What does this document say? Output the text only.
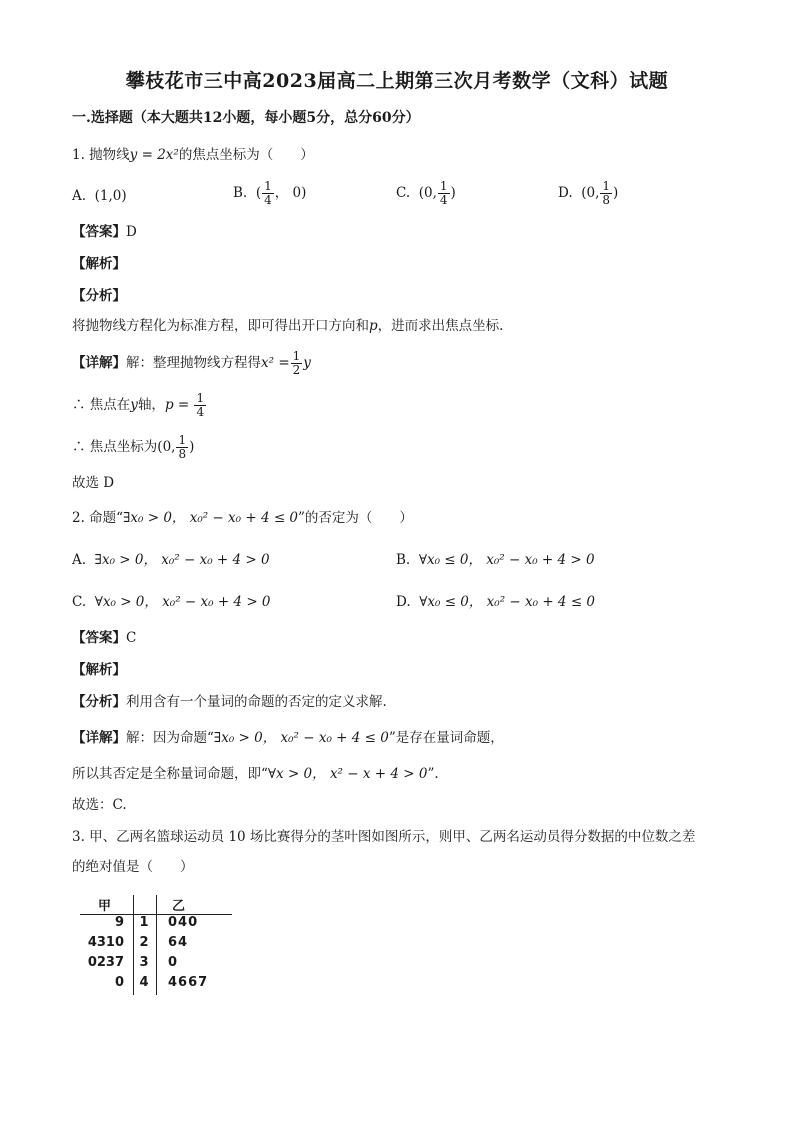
攀枝花市三中高2023届高二上期第三次月考数学（文科）试题
一.选择题（本大题共12小题，每小题5分，总分60分）
1. 抛物线y = 2x²的焦点坐标为（　　）
A. (1,0)	B. ( $\frac{1}{4}$ ， 0)	C. (0, $\frac{1}{4}$ )	D. (0, $\frac{1}{8}$ )
【答案】D
【解析】
【分析】
将抛物线方程化为标准方程，即可得出开口方向和p，进而求出焦点坐标.
【详解】解：整理抛物线方程得$x^2 = \frac{1}{2}$ y
∴ 焦点在y轴，$p = \frac{1}{4}$
∴ 焦点坐标为(0, $\frac{1}{8}$ )
故选 D
2. 命题“∃x₀ > 0， x₀² − x₀ + 4 ≤ 0”的否定为（　　）
A. ∃x₀ > 0， x₀² − x₀ + 4 > 0	B. ∀x₀ ≤ 0， x₀² − x₀ + 4 > 0
C. ∀x₀ > 0， x₀² − x₀ + 4 > 0	D. ∀x₀ ≤ 0， x₀² − x₀ + 4 ≤ 0
【答案】C
【解析】
【分析】利用含有一个量词的命题的否定的定义求解.
【详解】解：因为命题“∃x₀ > 0， x₀² − x₀ + 4 ≤ 0”是存在量词命题，
所以其否定是全称量词命题，即“∀x > 0， x² − x + 4 > 0”.
故选：C.
3. 甲、乙两名篮球运动员 10 场比赛得分的茎叶图如图所示，则甲、乙两名运动员得分数据的中位数之差
的绝对值是（　　）
甲	乙
9 1 040
4310 2 64
0237 3 0
0 4 4667
